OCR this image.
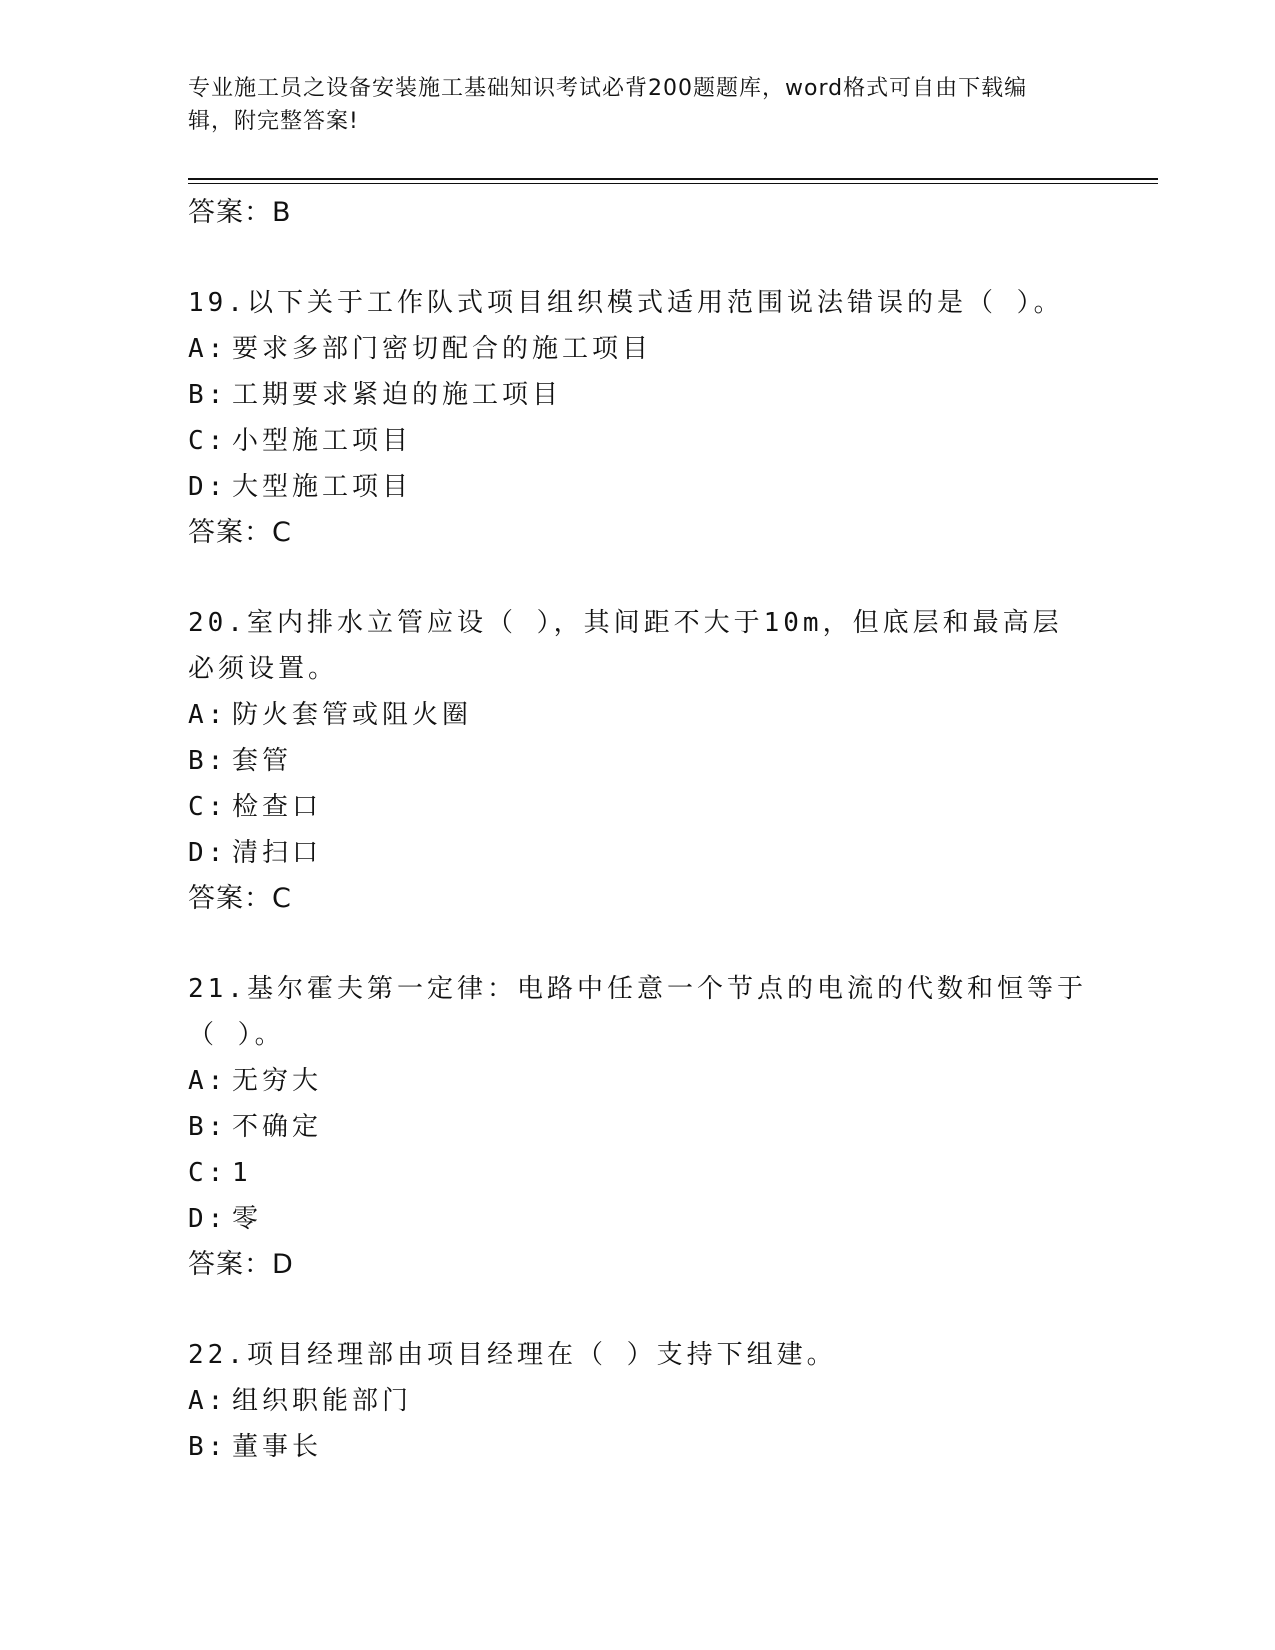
专业施工员之设备安装施工基础知识考试必背200题题库，word格式可自由下载编辑，附完整答案!
答案：B
19.以下关于工作队式项目组织模式适用范围说法错误的是（ ）。
A: 要求多部门密切配合的施工项目
B: 工期要求紧迫的施工项目
C: 小型施工项目
D: 大型施工项目
答案：C
20.室内排水立管应设（ ），其间距不大于10m，但底层和最高层必须设置。
A: 防火套管或阻火圈
B: 套管
C: 检查口
D: 清扫口
答案：C
21.基尔霍夫第一定律：电路中任意一个节点的电流的代数和恒等于（ ）。
A: 无穷大
B: 不确定
C: 1
D: 零
答案：D
22.项目经理部由项目经理在（ ）支持下组建。
A: 组织职能部门
B: 董事长
